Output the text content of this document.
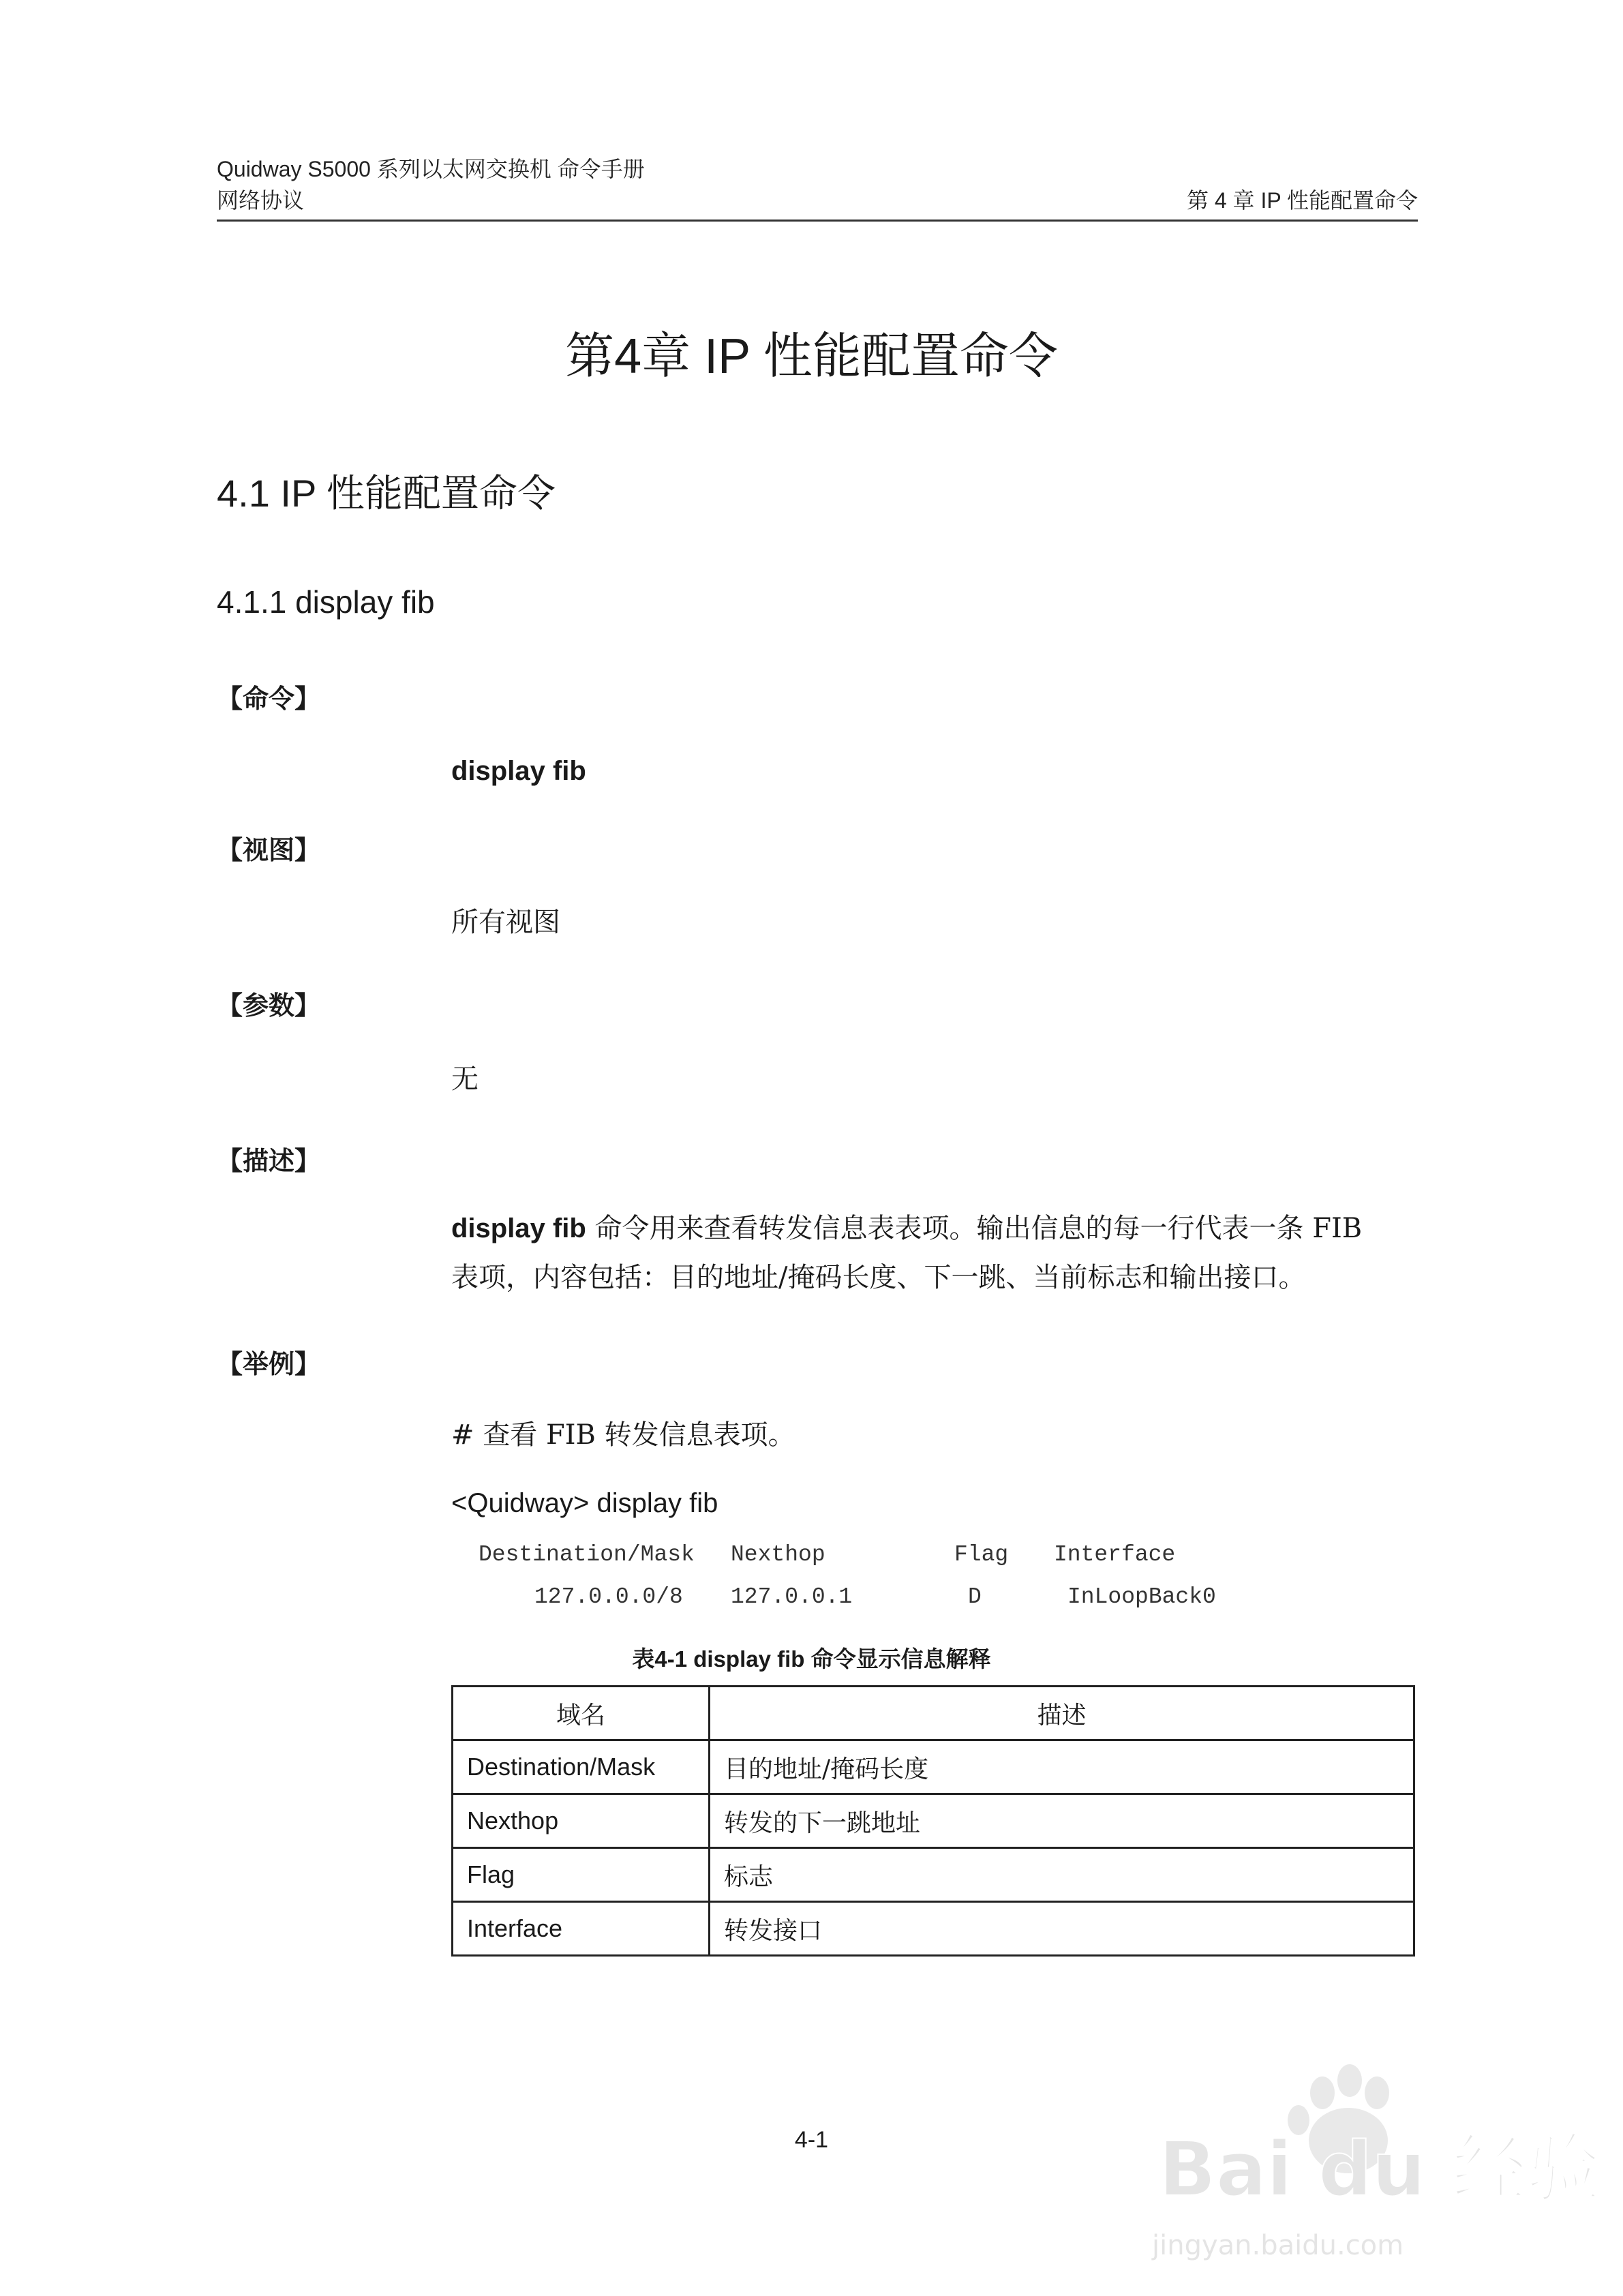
Quidway S5000 系列以太网交换机 命令手册
网络协议	第 4 章 IP 性能配置命令
第4章 IP 性能配置命令
4.1 IP 性能配置命令
4.1.1 display fib
【命令】
display fib
【视图】
所有视图
【参数】
无
【描述】
display fib 命令用来查看转发信息表表项。输出信息的每一行代表一条 FIB
表项，内容包括：目的地址/掩码长度、下一跳、当前标志和输出接口。
【举例】
# 查看 FIB 转发信息表项。
<Quidway> display fib
Destination/Mask Nexthop	Flag Interface
127.0.0.0/8 127.0.0.1	D	InLoopBack0
表4-1 display fib 命令显示信息解释
域名	描述
Destination/Mask	目的地址/掩码长度
Nexthop	转发的下一跳地址
Flag	标志
Interface	转发接口
4-1	Bai du 经验
jingyan.baidu.com
